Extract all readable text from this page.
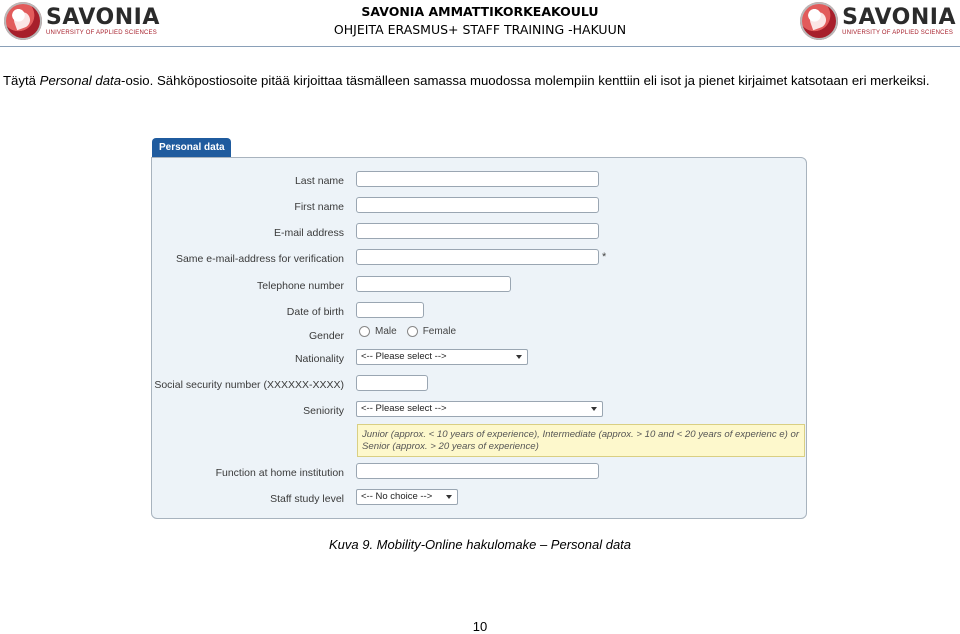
SAVONIA
UNIVERSITY OF APPLIED SCIENCES
SAVONIA AMMATTIKORKEAKOULU
OHJEITA ERASMUS+ STAFF TRAINING -HAKUUN	SAVONIA
UNIVERSITY OF APPLIED SCIENCES
Täytä Personal data-osio. Sähköpostiosoite pitää kirjoittaa täsmälleen samassa muodossa molempiin kenttiin eli isot ja pienet kirjaimet katsotaan eri merkeiksi.
Personal data
Last name
First name
E-mail address
Same e-mail-address for verification	*
Telephone number
Date of birth
Gender	Male	Female
Nationality	<-- Please select -->
Social security number (XXXXXX-XXXX)
Seniority	<-- Please select -->
Junior (approx. < 10 years of experience), Intermediate (approx. > 10 and < 20 years of experienc e) or Senior (approx. > 20 years of experience)
Function at home institution
Staff study level	<-- No choice -->
Kuva 9. Mobility-Online hakulomake – Personal data
10
